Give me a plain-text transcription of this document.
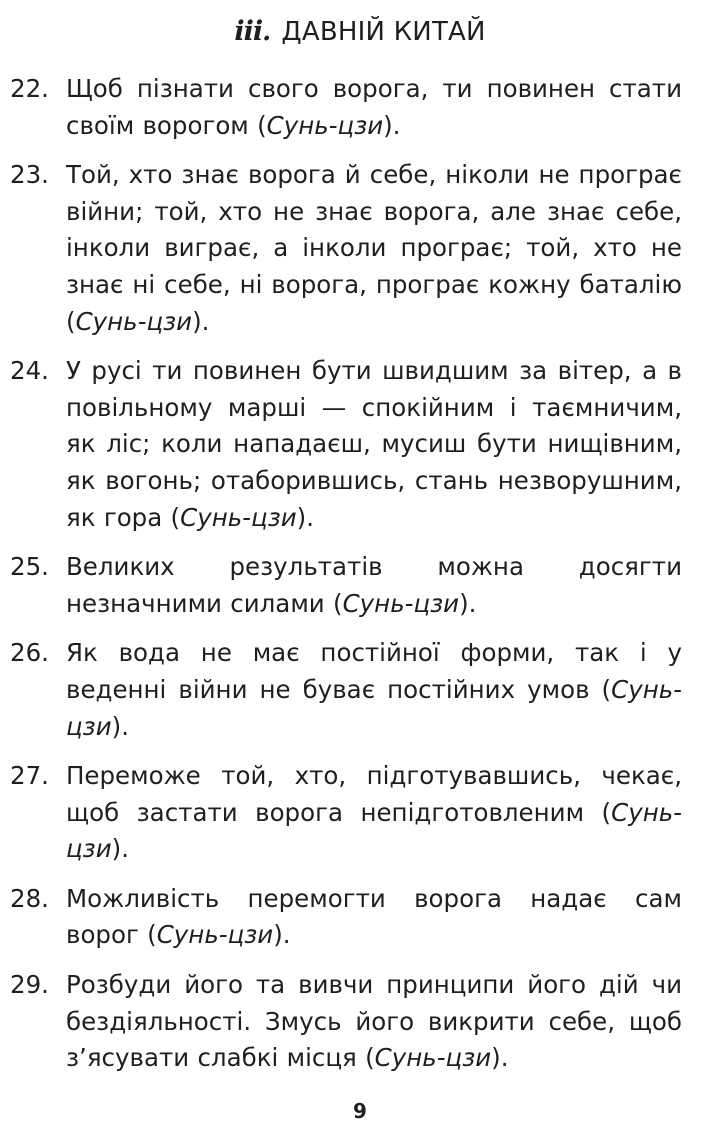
ііі. ДАВНІЙ КИТАЙ
22. Щоб пізнати свого ворога, ти повинен стати своїм ворогом (Сунь-цзи).
23. Той, хто знає ворога й себе, ніколи не програє війни; той, хто не знає ворога, але знає себе, інколи виграє, а інколи програє; той, хто не знає ні себе, ні ворога, програє кожну баталію (Сунь-цзи).
24. У русі ти повинен бути швидшим за вітер, а в повільному марші — спокійним і таємничим, як ліс; коли нападаєш, мусиш бути нищівним, як вогонь; отаборившись, стань незворушним, як гора (Сунь-цзи).
25. Великих результатів можна досягти незначними силами (Сунь-цзи).
26. Як вода не має постійної форми, так і у веденні війни не буває постійних умов (Сунь-цзи).
27. Переможе той, хто, підготувавшись, чекає, щоб застати ворога непідготовленим (Сунь-цзи).
28. Можливість перемогти ворога надає сам ворог (Сунь-цзи).
29. Розбуди його та вивчи принципи його дій чи бездіяльності. Змусь його викрити себе, щоб з’ясувати слабкі місця (Сунь-цзи).
9
